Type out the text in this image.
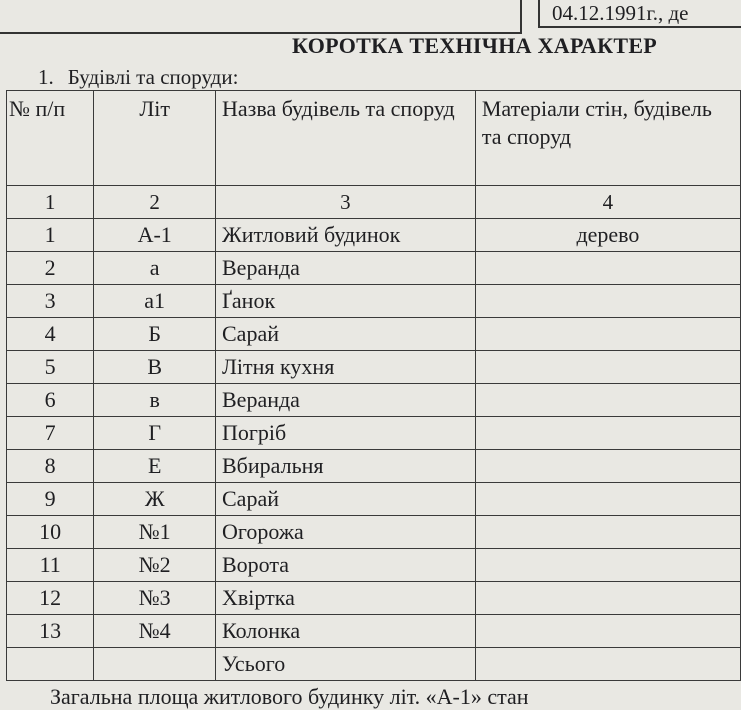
04.12.1991г., де
КОРОТКА ТЕХНІЧНА ХАРАКТЕР
1. Будівлі та споруди:
№ п/п	Літ	Назва будівель та споруд	Матеріали стін, будівель та споруд
1	2	3	4
1	А-1	Житловий будинок	дерево
2	а	Веранда	
3	а1	Ґанок	
4	Б	Сарай	
5	В	Літня кухня	
6	в	Веранда	
7	Г	Погріб	
8	Е	Вбиральня	
9	Ж	Сарай	
10	№1	Огорожа	
11	№2	Ворота	
12	№3	Хвіртка	
13	№4	Колонка	
		Усього	
Загальна площа житлового будинку літ. «А-1» стан
